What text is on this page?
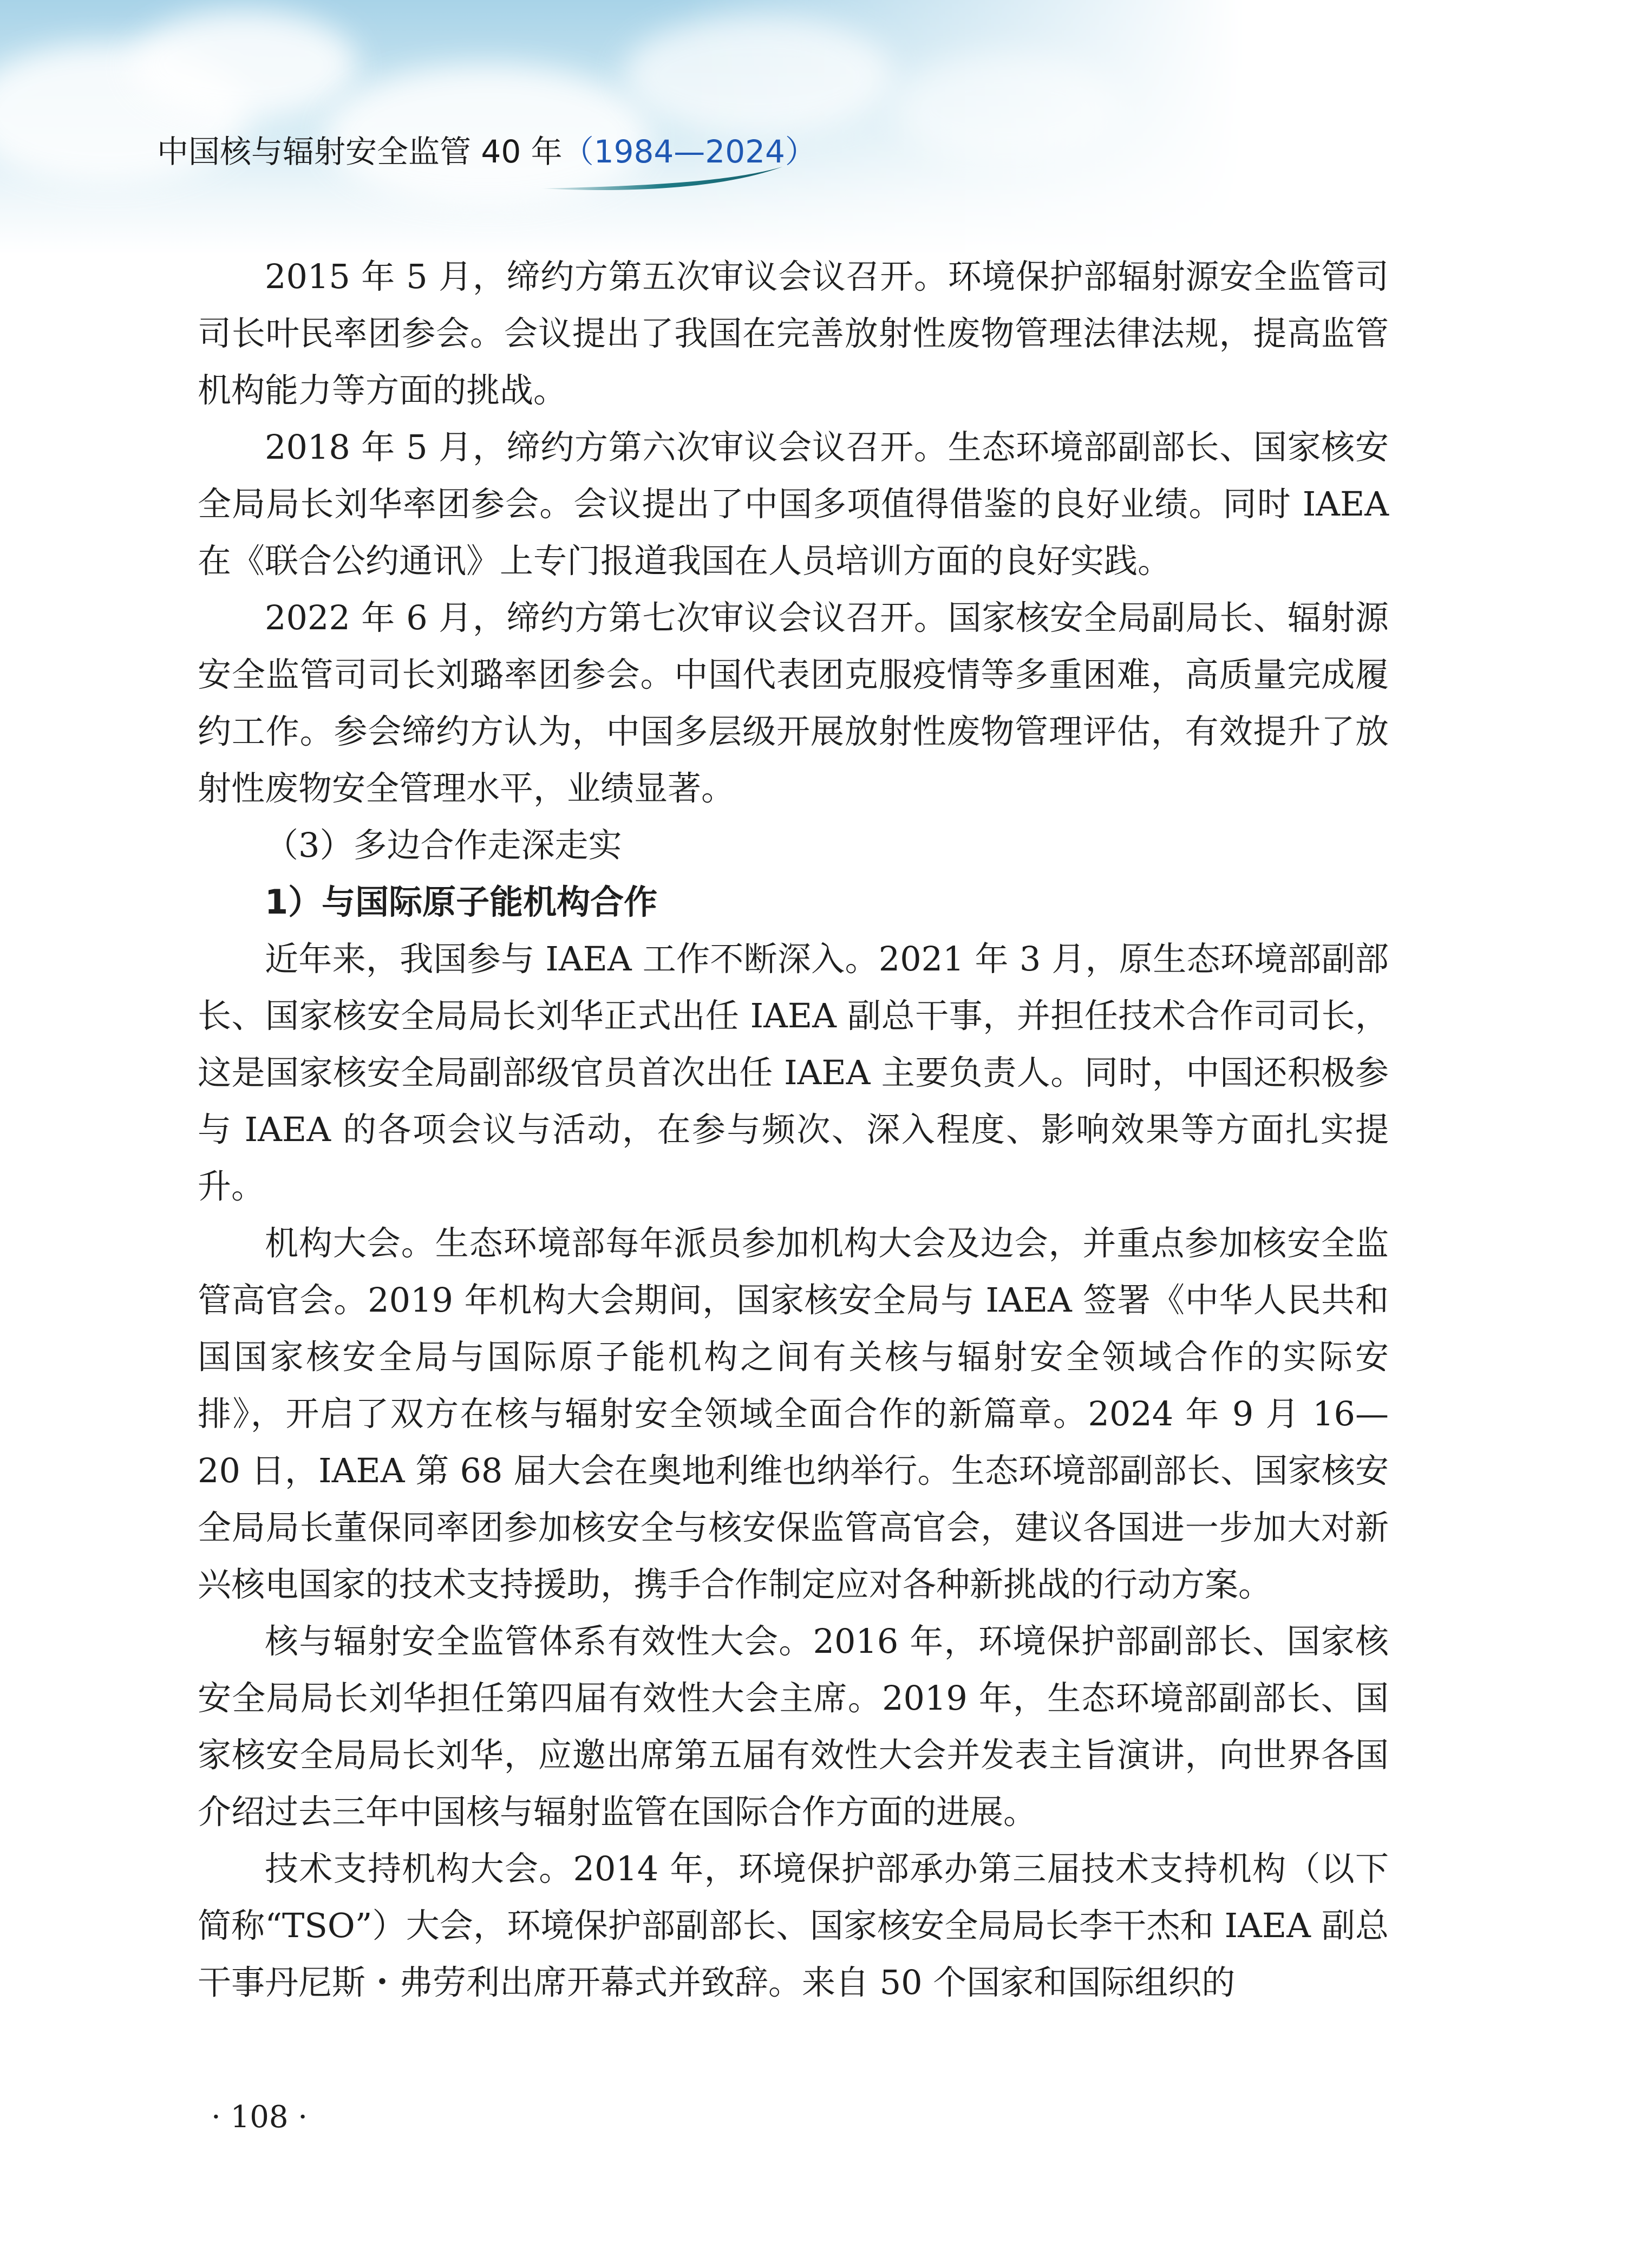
中国核与辐射安全监管 40 年（1984—2024）

2015 年 5 月，缔约方第五次审议会议召开。环境保护部辐射源安全监管司司长叶民率团参会。会议提出了我国在完善放射性废物管理法律法规，提高监管机构能力等方面的挑战。

2018 年 5 月，缔约方第六次审议会议召开。生态环境部副部长、国家核安全局局长刘华率团参会。会议提出了中国多项值得借鉴的良好业绩。同时 IAEA 在《联合公约通讯》上专门报道我国在人员培训方面的良好实践。

2022 年 6 月，缔约方第七次审议会议召开。国家核安全局副局长、辐射源安全监管司司长刘璐率团参会。中国代表团克服疫情等多重困难，高质量完成履约工作。参会缔约方认为，中国多层级开展放射性废物管理评估，有效提升了放射性废物安全管理水平，业绩显著。

（3）多边合作走深走实

1）与国际原子能机构合作

近年来，我国参与 IAEA 工作不断深入。2021 年 3 月，原生态环境部副部长、国家核安全局局长刘华正式出任 IAEA 副总干事，并担任技术合作司司长，这是国家核安全局副部级官员首次出任 IAEA 主要负责人。同时，中国还积极参与 IAEA 的各项会议与活动，在参与频次、深入程度、影响效果等方面扎实提升。

机构大会。生态环境部每年派员参加机构大会及边会，并重点参加核安全监管高官会。2019 年机构大会期间，国家核安全局与 IAEA 签署《中华人民共和国国家核安全局与国际原子能机构之间有关核与辐射安全领域合作的实际安排》，开启了双方在核与辐射安全领域全面合作的新篇章。2024 年 9 月 16—20 日，IAEA 第 68 届大会在奥地利维也纳举行。生态环境部副部长、国家核安全局局长董保同率团参加核安全与核安保监管高官会，建议各国进一步加大对新兴核电国家的技术支持援助，携手合作制定应对各种新挑战的行动方案。

核与辐射安全监管体系有效性大会。2016 年，环境保护部副部长、国家核安全局局长刘华担任第四届有效性大会主席。2019 年，生态环境部副部长、国家核安全局局长刘华，应邀出席第五届有效性大会并发表主旨演讲，向世界各国介绍过去三年中国核与辐射监管在国际合作方面的进展。

技术支持机构大会。2014 年，环境保护部承办第三届技术支持机构（以下简称“TSO”）大会，环境保护部副部长、国家核安全局局长李干杰和 IAEA 副总干事丹尼斯・弗劳利出席开幕式并致辞。来自 50 个国家和国际组织的

· 108 ·
